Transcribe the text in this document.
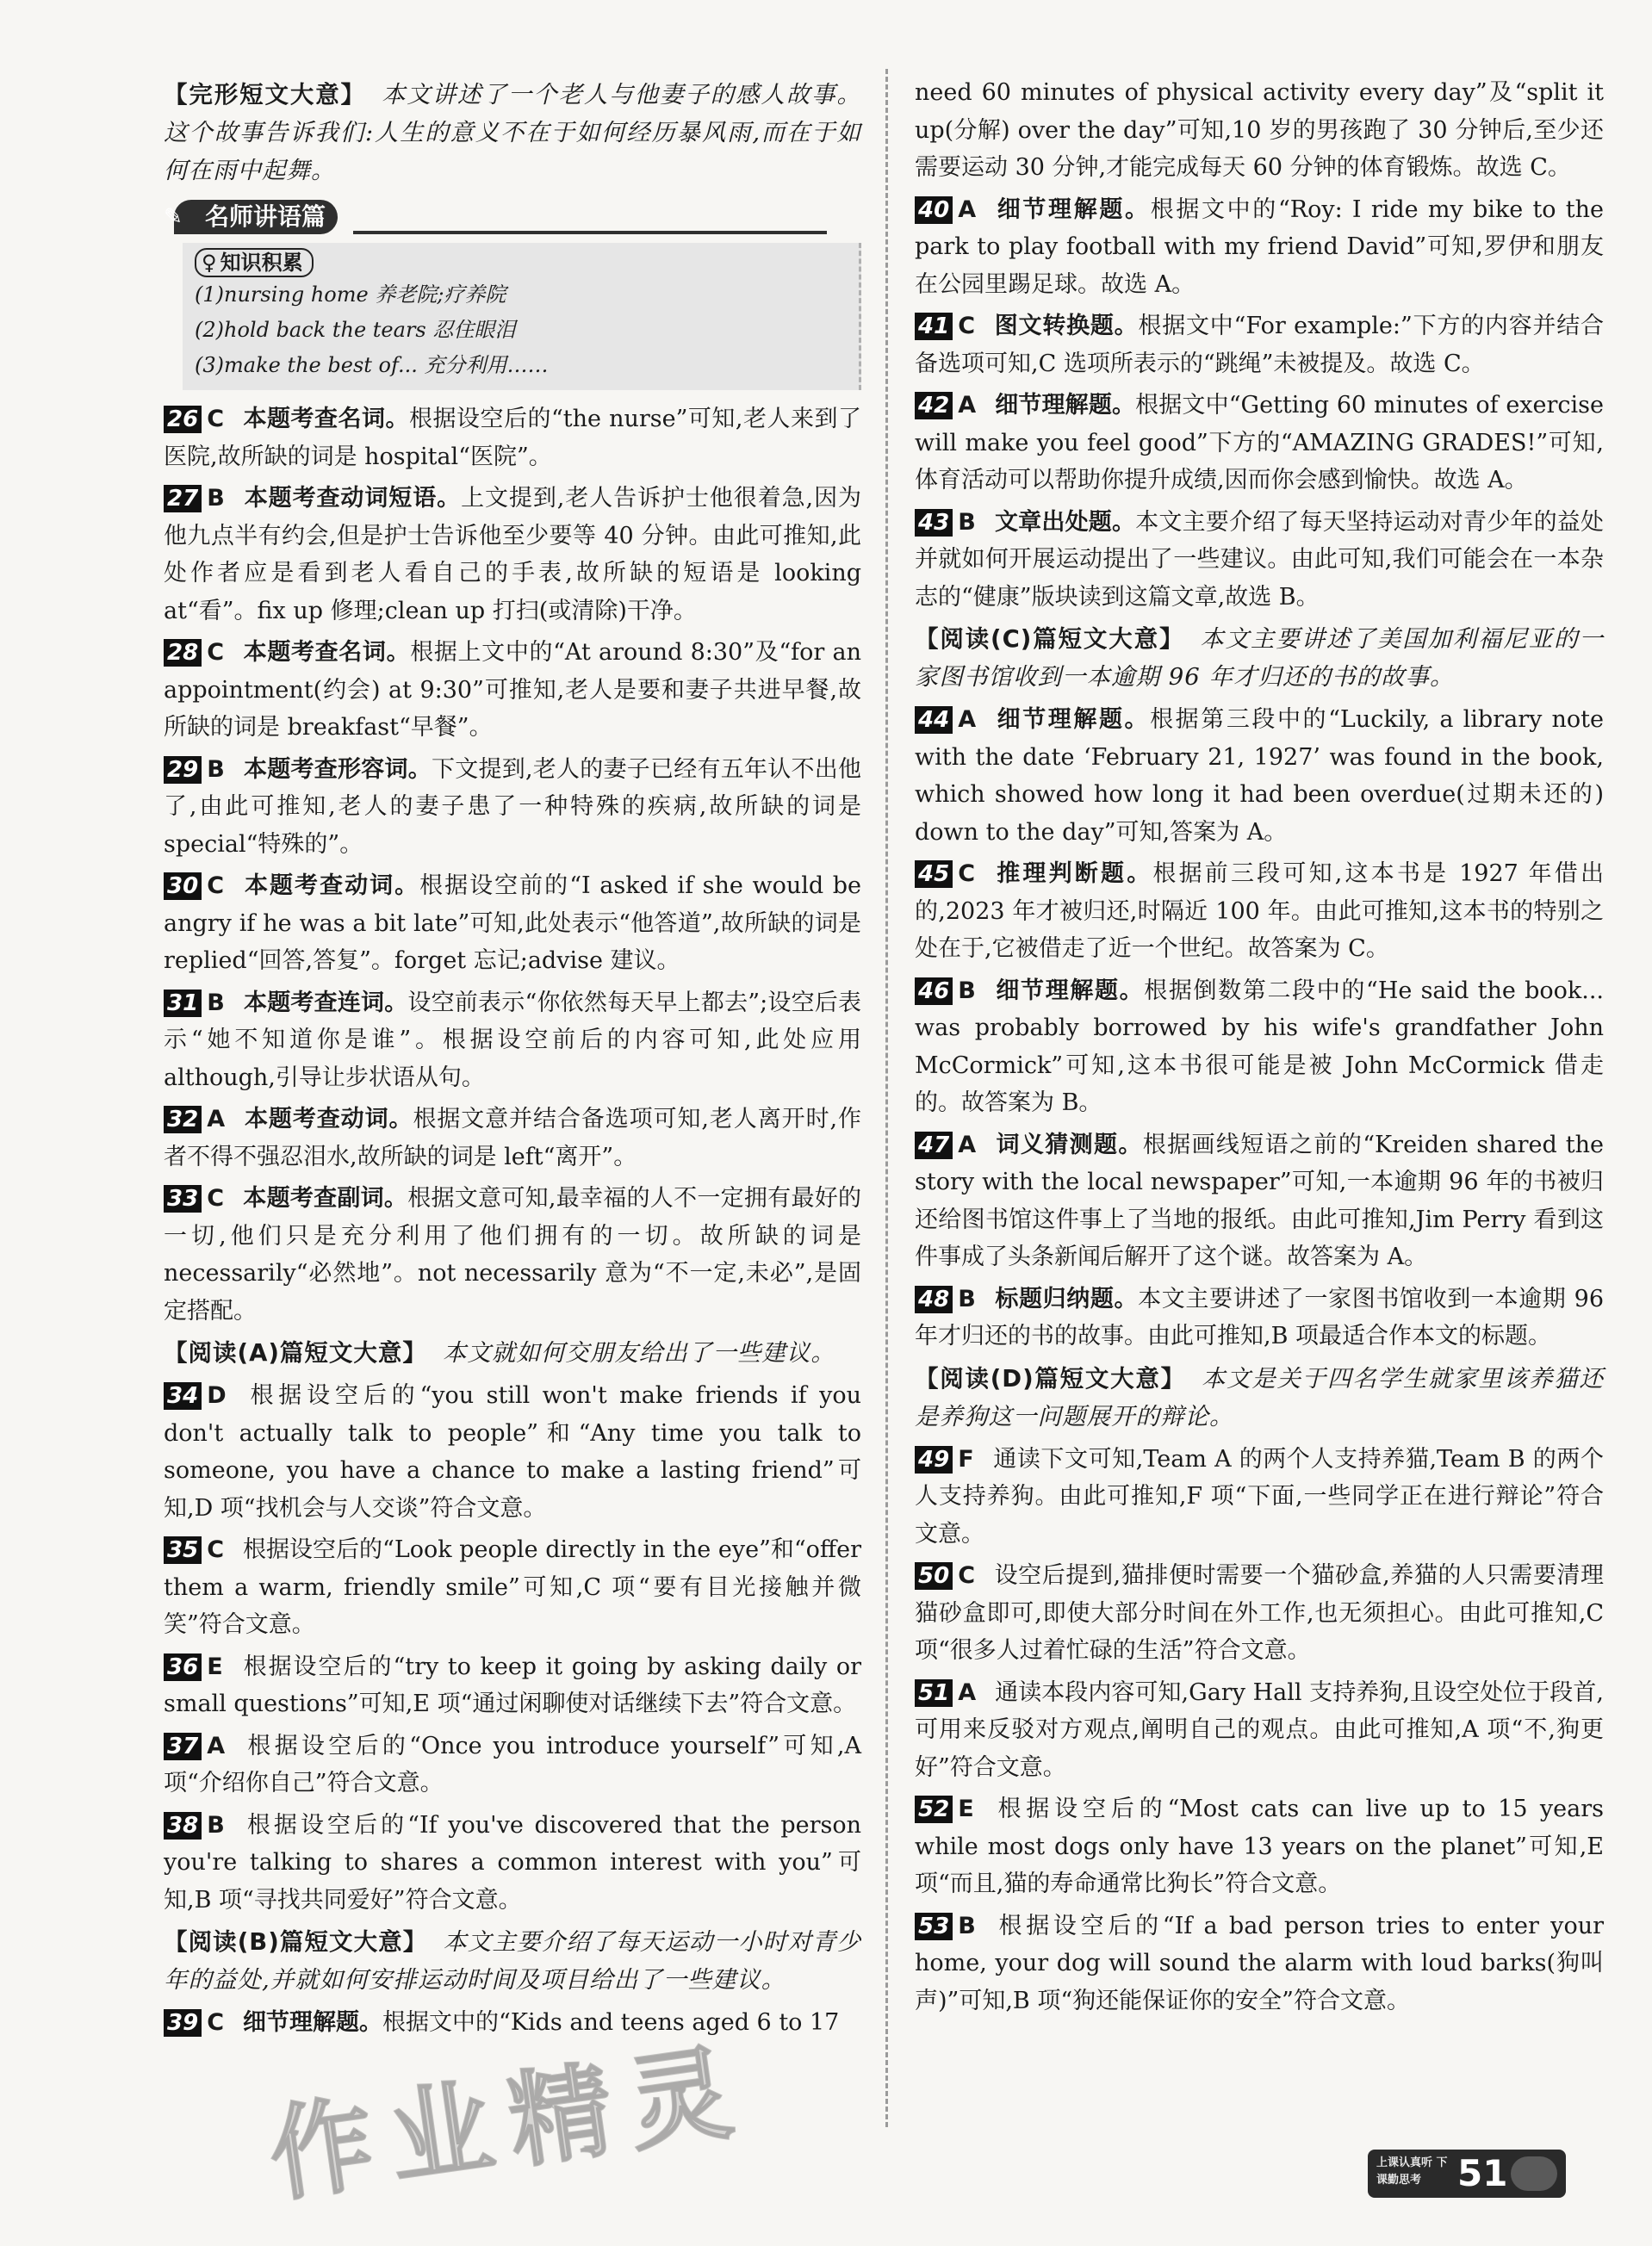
【完形短文大意】 本文讲述了一个老人与他妻子的感人故事。这个故事告诉我们:人生的意义不在于如何经历暴风雨,而在于如何在雨中起舞。

✎ 名师讲语篇
♀ 知识积累
(1)nursing home 养老院;疗养院
(2)hold back the tears 忍住眼泪
(3)make the best of... 充分利用……

26 C 本题考查名词。根据设空后的“the nurse”可知,老人来到了医院,故所缺的词是 hospital“医院”。

27 B 本题考查动词短语。上文提到,老人告诉护士他很着急,因为他九点半有约会,但是护士告诉他至少要等 40 分钟。由此可推知,此处作者应是看到老人看自己的手表,故所缺的短语是 looking at“看”。fix up 修理;clean up 打扫(或清除)干净。

28 C 本题考查名词。根据上文中的“At around 8:30”及“for an appointment(约会) at 9:30”可推知,老人是要和妻子共进早餐,故所缺的词是 breakfast“早餐”。

29 B 本题考查形容词。下文提到,老人的妻子已经有五年认不出他了,由此可推知,老人的妻子患了一种特殊的疾病,故所缺的词是 special“特殊的”。

30 C 本题考查动词。根据设空前的“I asked if she would be angry if he was a bit late”可知,此处表示“他答道”,故所缺的词是 replied“回答,答复”。forget 忘记;advise 建议。

31 B 本题考查连词。设空前表示“你依然每天早上都去”;设空后表示“她不知道你是谁”。根据设空前后的内容可知,此处应用 although,引导让步状语从句。

32 A 本题考查动词。根据文意并结合备选项可知,老人离开时,作者不得不强忍泪水,故所缺的词是 left“离开”。

33 C 本题考查副词。根据文意可知,最幸福的人不一定拥有最好的一切,他们只是充分利用了他们拥有的一切。故所缺的词是 necessarily“必然地”。not necessarily 意为“不一定,未必”,是固定搭配。

【阅读(A)篇短文大意】 本文就如何交朋友给出了一些建议。

34 D 根据设空后的“you still won't make friends if you don't actually talk to people”和“Any time you talk to someone, you have a chance to make a lasting friend”可知,D 项“找机会与人交谈”符合文意。

35 C 根据设空后的“Look people directly in the eye”和“offer them a warm, friendly smile”可知,C 项“要有目光接触并微笑”符合文意。

36 E 根据设空后的“try to keep it going by asking daily or small questions”可知,E 项“通过闲聊使对话继续下去”符合文意。

37 A 根据设空后的“Once you introduce yourself”可知,A 项“介绍你自己”符合文意。

38 B 根据设空后的“If you've discovered that the person you're talking to shares a common interest with you”可知,B 项“寻找共同爱好”符合文意。

【阅读(B)篇短文大意】 本文主要介绍了每天运动一小时对青少年的益处,并就如何安排运动时间及项目给出了一些建议。

39 C 细节理解题。根据文中的“Kids and teens aged 6 to 17

need 60 minutes of physical activity every day”及“split it up(分解) over the day”可知,10 岁的男孩跑了 30 分钟后,至少还需要运动 30 分钟,才能完成每天 60 分钟的体育锻炼。故选 C。

40 A 细节理解题。根据文中的“Roy: I ride my bike to the park to play football with my friend David”可知,罗伊和朋友在公园里踢足球。故选 A。

41 C 图文转换题。根据文中“For example:”下方的内容并结合备选项可知,C 选项所表示的“跳绳”未被提及。故选 C。

42 A 细节理解题。根据文中“Getting 60 minutes of exercise will make you feel good”下方的“AMAZING GRADES!”可知,体育活动可以帮助你提升成绩,因而你会感到愉快。故选 A。

43 B 文章出处题。本文主要介绍了每天坚持运动对青少年的益处并就如何开展运动提出了一些建议。由此可知,我们可能会在一本杂志的“健康”版块读到这篇文章,故选 B。

【阅读(C)篇短文大意】 本文主要讲述了美国加利福尼亚的一家图书馆收到一本逾期 96 年才归还的书的故事。

44 A 细节理解题。根据第三段中的“Luckily, a library note with the date ‘February 21, 1927’ was found in the book, which showed how long it had been overdue(过期未还的) down to the day”可知,答案为 A。

45 C 推理判断题。根据前三段可知,这本书是 1927 年借出的,2023 年才被归还,时隔近 100 年。由此可推知,这本书的特别之处在于,它被借走了近一个世纪。故答案为 C。

46 B 细节理解题。根据倒数第二段中的“He said the book... was probably borrowed by his wife's grandfather John McCormick”可知,这本书很可能是被 John McCormick 借走的。故答案为 B。

47 A 词义猜测题。根据画线短语之前的“Kreiden shared the story with the local newspaper”可知,一本逾期 96 年的书被归还给图书馆这件事上了当地的报纸。由此可推知,Jim Perry 看到这件事成了头条新闻后解开了这个谜。故答案为 A。

48 B 标题归纳题。本文主要讲述了一家图书馆收到一本逾期 96 年才归还的书的故事。由此可推知,B 项最适合作本文的标题。

【阅读(D)篇短文大意】 本文是关于四名学生就家里该养猫还是养狗这一问题展开的辩论。

49 F 通读下文可知,Team A 的两个人支持养猫,Team B 的两个人支持养狗。由此可推知,F 项“下面,一些同学正在进行辩论”符合文意。

50 C 设空后提到,猫排便时需要一个猫砂盒,养猫的人只需要清理猫砂盒即可,即使大部分时间在外工作,也无须担心。由此可推知,C 项“很多人过着忙碌的生活”符合文意。

51 A 通读本段内容可知,Gary Hall 支持养狗,且设空处位于段首,可用来反驳对方观点,阐明自己的观点。由此可推知,A 项“不,狗更好”符合文意。

52 E 根据设空后的“Most cats can live up to 15 years while most dogs only have 13 years on the planet”可知,E 项“而且,猫的寿命通常比狗长”符合文意。

53 B 根据设空后的“If a bad person tries to enter your home, your dog will sound the alarm with loud barks(狗叫声)”可知,B 项“狗还能保证你的安全”符合文意。

作业精灵	上课认真听 下课勤思考 51
